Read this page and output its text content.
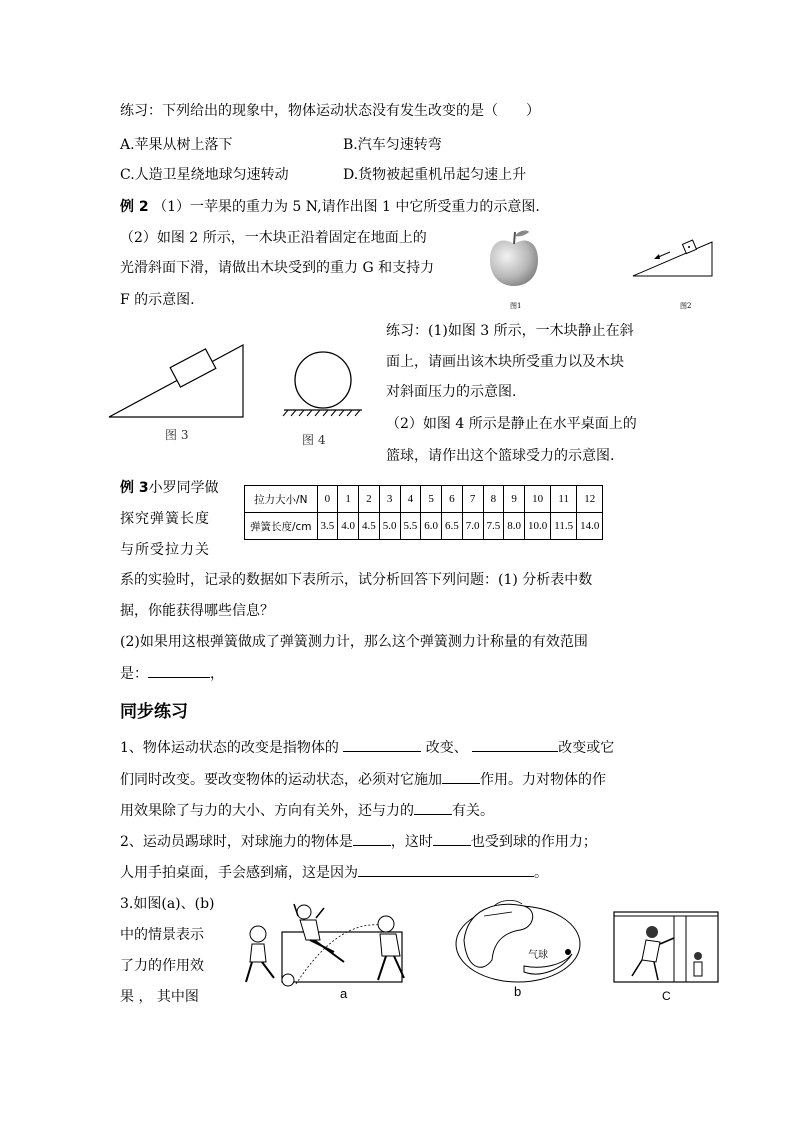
练习：下列给出的现象中，物体运动状态没有发生改变的是（　　）
A.苹果从树上落下	B.汽车匀速转弯
C.人造卫星绕地球匀速转动	D.货物被起重机吊起匀速上升
例 2 （1）一苹果的重力为 5 N,请作出图 1 中它所受重力的示意图.
（2）如图 2 所示，一木块正沿着固定在地面上的
光滑斜面下滑，请做出木块受到的重力 G 和支持力
F 的示意图.	图1	图2
图 3	图 4
练习：(1)如图 3 所示，一木块静止在斜
面上，请画出该木块所受重力以及木块
对斜面压力的示意图.
（2）如图 4 所示是静止在水平桌面上的
篮球，请作出这个篮球受力的示意图.
例 3小罗同学做
探究弹簧长度
与所受拉力关
拉力大小/N	0	1	2	3	4	5	6	7	8	9	10	11	12
弹簧长度/cm	3.5	4.0	4.5	5.0	5.5	6.0	6.5	7.0	7.5	8.0	10.0	11.5	14.0
系的实验时，记录的数据如下表所示，试分析回答下列问题：(1) 分析表中数
据，你能获得哪些信息？
(2)如果用这根弹簧做成了弹簧测力计，那么这个弹簧测力计称量的有效范围
是：	，
同步练习
1、物体运动状态的改变是指物体的	改变、	改变或它
们同时改变。要改变物体的运动状态，必须对它施加	作用。力对物体的作
用效果除了与力的大小、方向有关外，还与力的	有关。
2、运动员踢球时，对球施力的物体是	，这时	也受到球的作用力；
人用手拍桌面，手会感到痛，这是因为	。
3.如图(a)、(b)
中的情景表示
了力的作用效
果 ， 其中图	a
气球
b	C
